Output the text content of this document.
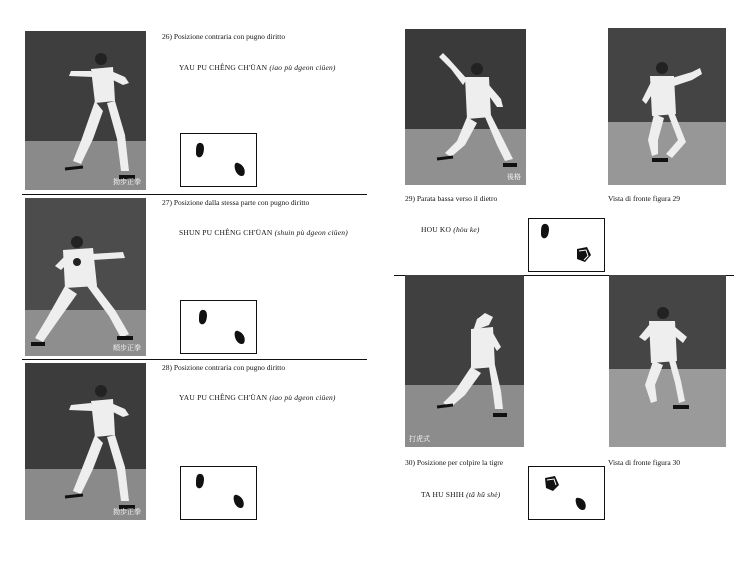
拗步正拳
26) Posizione contraria con pugno diritto
YAU PU CHÊNG CH'ÜAN (iao pù dgeon ciüen)
順步正拳
27) Posizione dalla stessa parte con pugno diritto
SHUN PU CHÊNG CH'ÜAN (shuin pù dgeon ciüen)
拗步正拳
28) Posizione contraria con pugno diritto
YAU PU CHÊNG CH'ÜAN (iao pù dgeon ciüen)
後格
29) Parata bassa verso il dietro	Vista di fronte figura 29
HOU KO (hòu ke)
打虎式
30) Posizione per colpire la tigre	Vista di fronte figura 30
TA HU SHIH (tă hŭ shè)
